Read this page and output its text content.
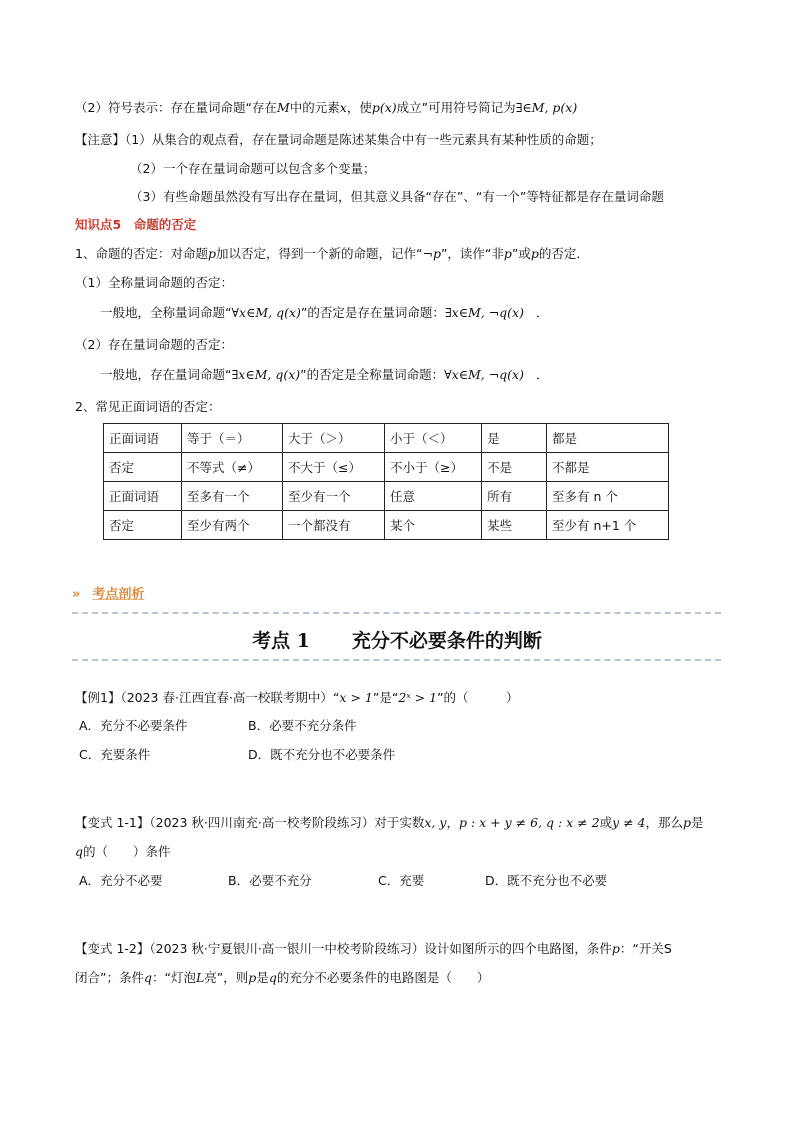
（2）符号表示：存在量词命题“存在M中的元素x，使p(x)成立”可用符号简记为∃∈M, p(x)
【注意】（1）从集合的观点看，存在量词命题是陈述某集合中有一些元素具有某种性质的命题；
（2）一个存在量词命题可以包含多个变量；
（3）有些命题虽然没有写出存在量词，但其意义具备“存在”、“有一个”等特征都是存在量词命题
知识点5　命题的否定
1、命题的否定：对命题p加以否定，得到一个新的命题，记作“¬p”，读作“非p”或p的否定．
（1）全称量词命题的否定：
一般地，全称量词命题“∀x∈M, q(x)”的否定是存在量词命题：∃x∈M, ¬q(x) ．
（2）存在量词命题的否定：
一般地，存在量词命题“∃x∈M, q(x)”的否定是全称量词命题：∀x∈M, ¬q(x) ．
2、常见正面词语的否定：
正面词语	等于（＝）	大于（＞）	小于（＜）	是	都是
否定	不等式（≠）	不大于（≤）	不小于（≥）	不是	不都是
正面词语	至多有一个	至少有一个	任意	所有	至多有 n 个
否定	至少有两个	一个都没有	某个	某些	至少有 n+1 个
» 考点剖析
考点 1 充分不必要条件的判断
【例1】（2023 春·江西宜春·高一校联考期中）“x > 1”是“2ˣ > 1”的（　　　）
A．充分不必要条件	B．必要不充分条件
C．充要条件	D．既不充分也不必要条件
【变式 1-1】（2023 秋·四川南充·高一校考阶段练习）对于实数x, y，p : x + y ≠ 6, q : x ≠ 2或y ≠ 4，那么p是
q的（　　）条件
A．充分不必要	B．必要不充分	C．充要	D．既不充分也不必要
【变式 1-2】（2023 秋·宁夏银川·高一银川一中校考阶段练习）设计如图所示的四个电路图，条件p：“开关S
闭合”；条件q：“灯泡L亮”，则p是q的充分不必要条件的电路图是（　　）
